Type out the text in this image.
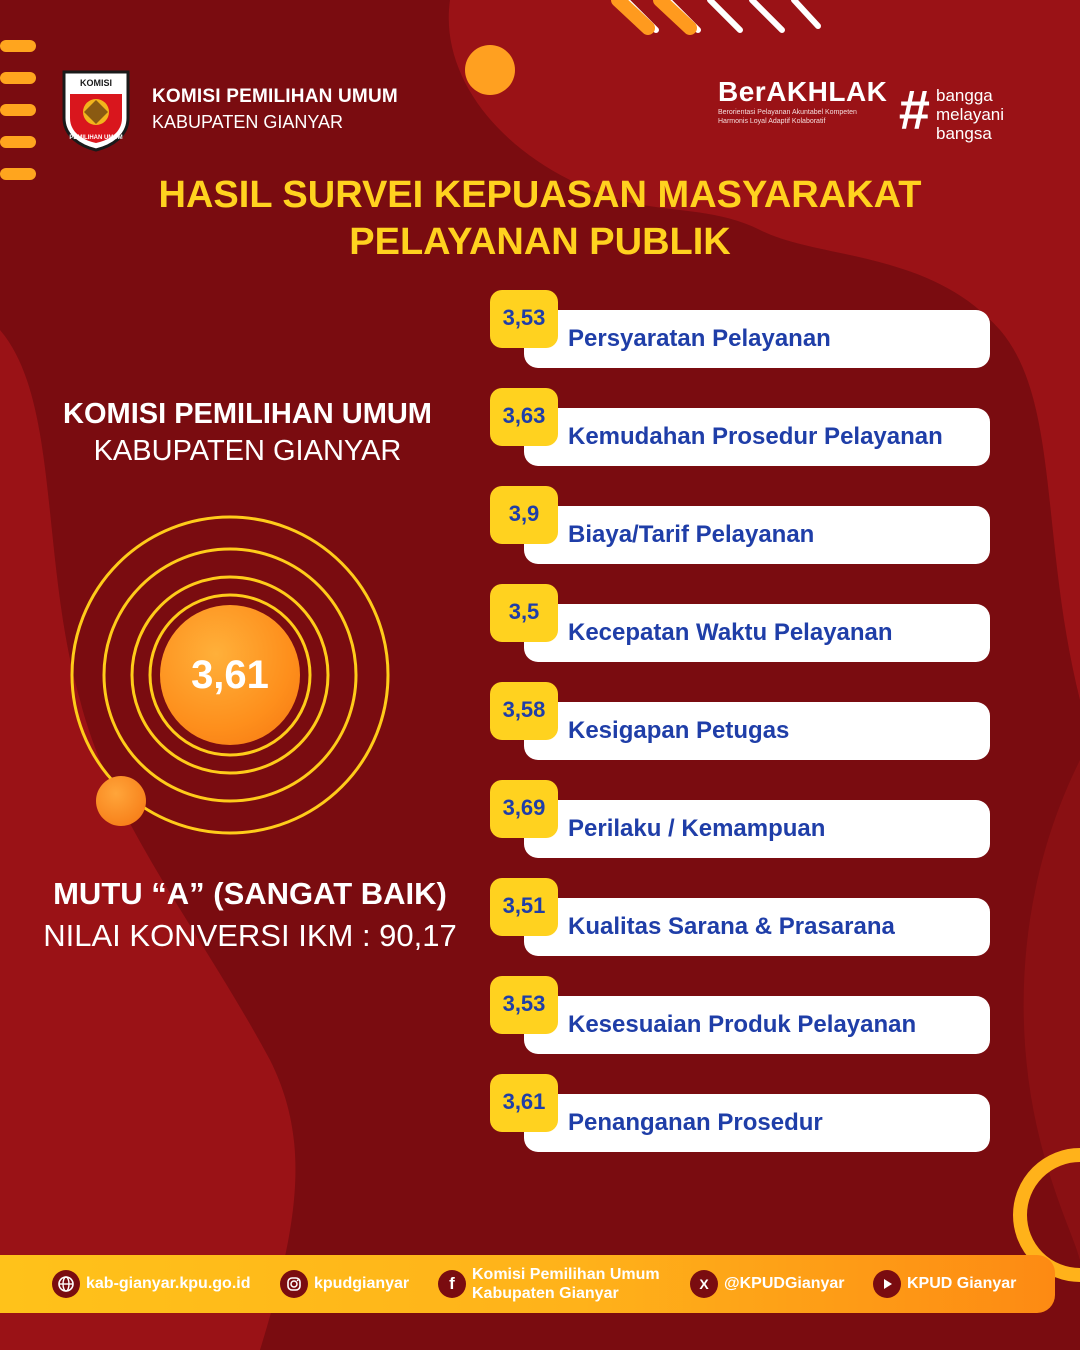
KOMISI
PEMILIHAN UMUM
KOMISI PEMILIHAN UMUM
KABUPATEN GIANYAR
BerAKHLAK
Berorientasi Pelayanan Akuntabel Kompeten
Harmonis Loyal Adaptif Kolaboratif	# bangga
melayani
bangsa
HASIL SURVEI KEPUASAN MASYARAKAT
PELAYANAN PUBLIK
KOMISI PEMILIHAN UMUM
KABUPATEN GIANYAR
3,61
MUTU “A” (SANGAT BAIK)
NILAI KONVERSI IKM : 90,17
Persyaratan Pelayanan
3,53
Kemudahan Prosedur Pelayanan
3,63
Biaya/Tarif Pelayanan
3,9
Kecepatan Waktu Pelayanan
3,5
Kesigapan Petugas
3,58
Perilaku / Kemampuan
3,69
Kualitas Sarana & Prasarana
3,51
Kesesuaian Produk Pelayanan
3,53
Penanganan Prosedur
3,61
kab-gianyar.kpu.go.id	kpudgianyar	f	Komisi Pemilihan Umum
Kabupaten Gianyar
X @KPUDGianyar	KPUD Gianyar
